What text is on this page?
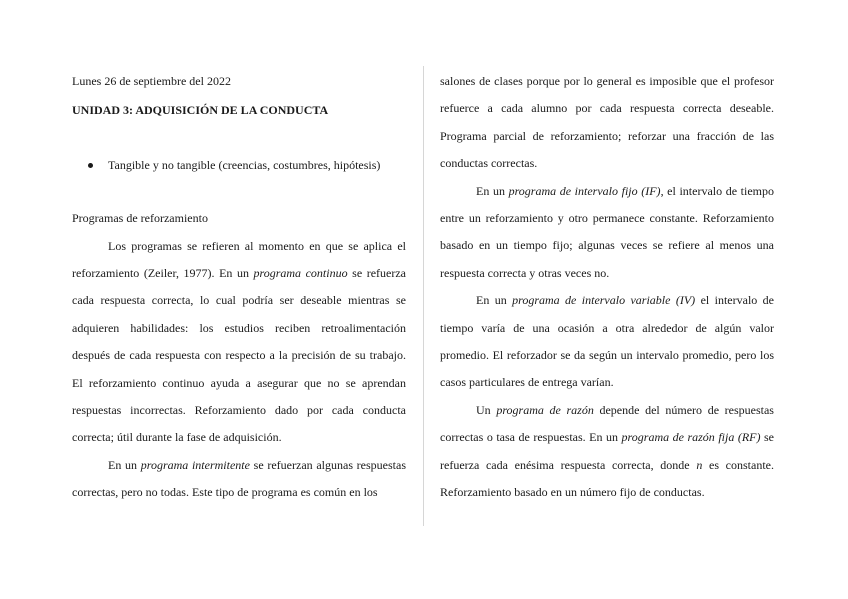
Lunes 26 de septiembre del 2022

UNIDAD 3: ADQUISICIÓN DE LA CONDUCTA

Tangible y no tangible (creencias, costumbres, hipótesis)

Programas de reforzamiento

Los programas se refieren al momento en que se aplica el reforzamiento (Zeiler, 1977). En un programa continuo se refuerza cada respuesta correcta, lo cual podría ser deseable mientras se adquieren habilidades: los estudios reciben retroalimentación después de cada respuesta con respecto a la precisión de su trabajo. El reforzamiento continuo ayuda a asegurar que no se aprendan respuestas incorrectas. Reforzamiento dado por cada conducta correcta; útil durante la fase de adquisición.

En un programa intermitente se refuerzan algunas respuestas correctas, pero no todas. Este tipo de programa es común en los

salones de clases porque por lo general es imposible que el profesor refuerce a cada alumno por cada respuesta correcta deseable. Programa parcial de reforzamiento; reforzar una fracción de las conductas correctas.

En un programa de intervalo fijo (IF), el intervalo de tiempo entre un reforzamiento y otro permanece constante. Reforzamiento basado en un tiempo fijo; algunas veces se refiere al menos una respuesta correcta y otras veces no.

En un programa de intervalo variable (IV) el intervalo de tiempo varía de una ocasión a otra alrededor de algún valor promedio. El reforzador se da según un intervalo promedio, pero los casos particulares de entrega varían.

Un programa de razón depende del número de respuestas correctas o tasa de respuestas. En un programa de razón fija (RF) se refuerza cada enésima respuesta correcta, donde n es constante. Reforzamiento basado en un número fijo de conductas.
